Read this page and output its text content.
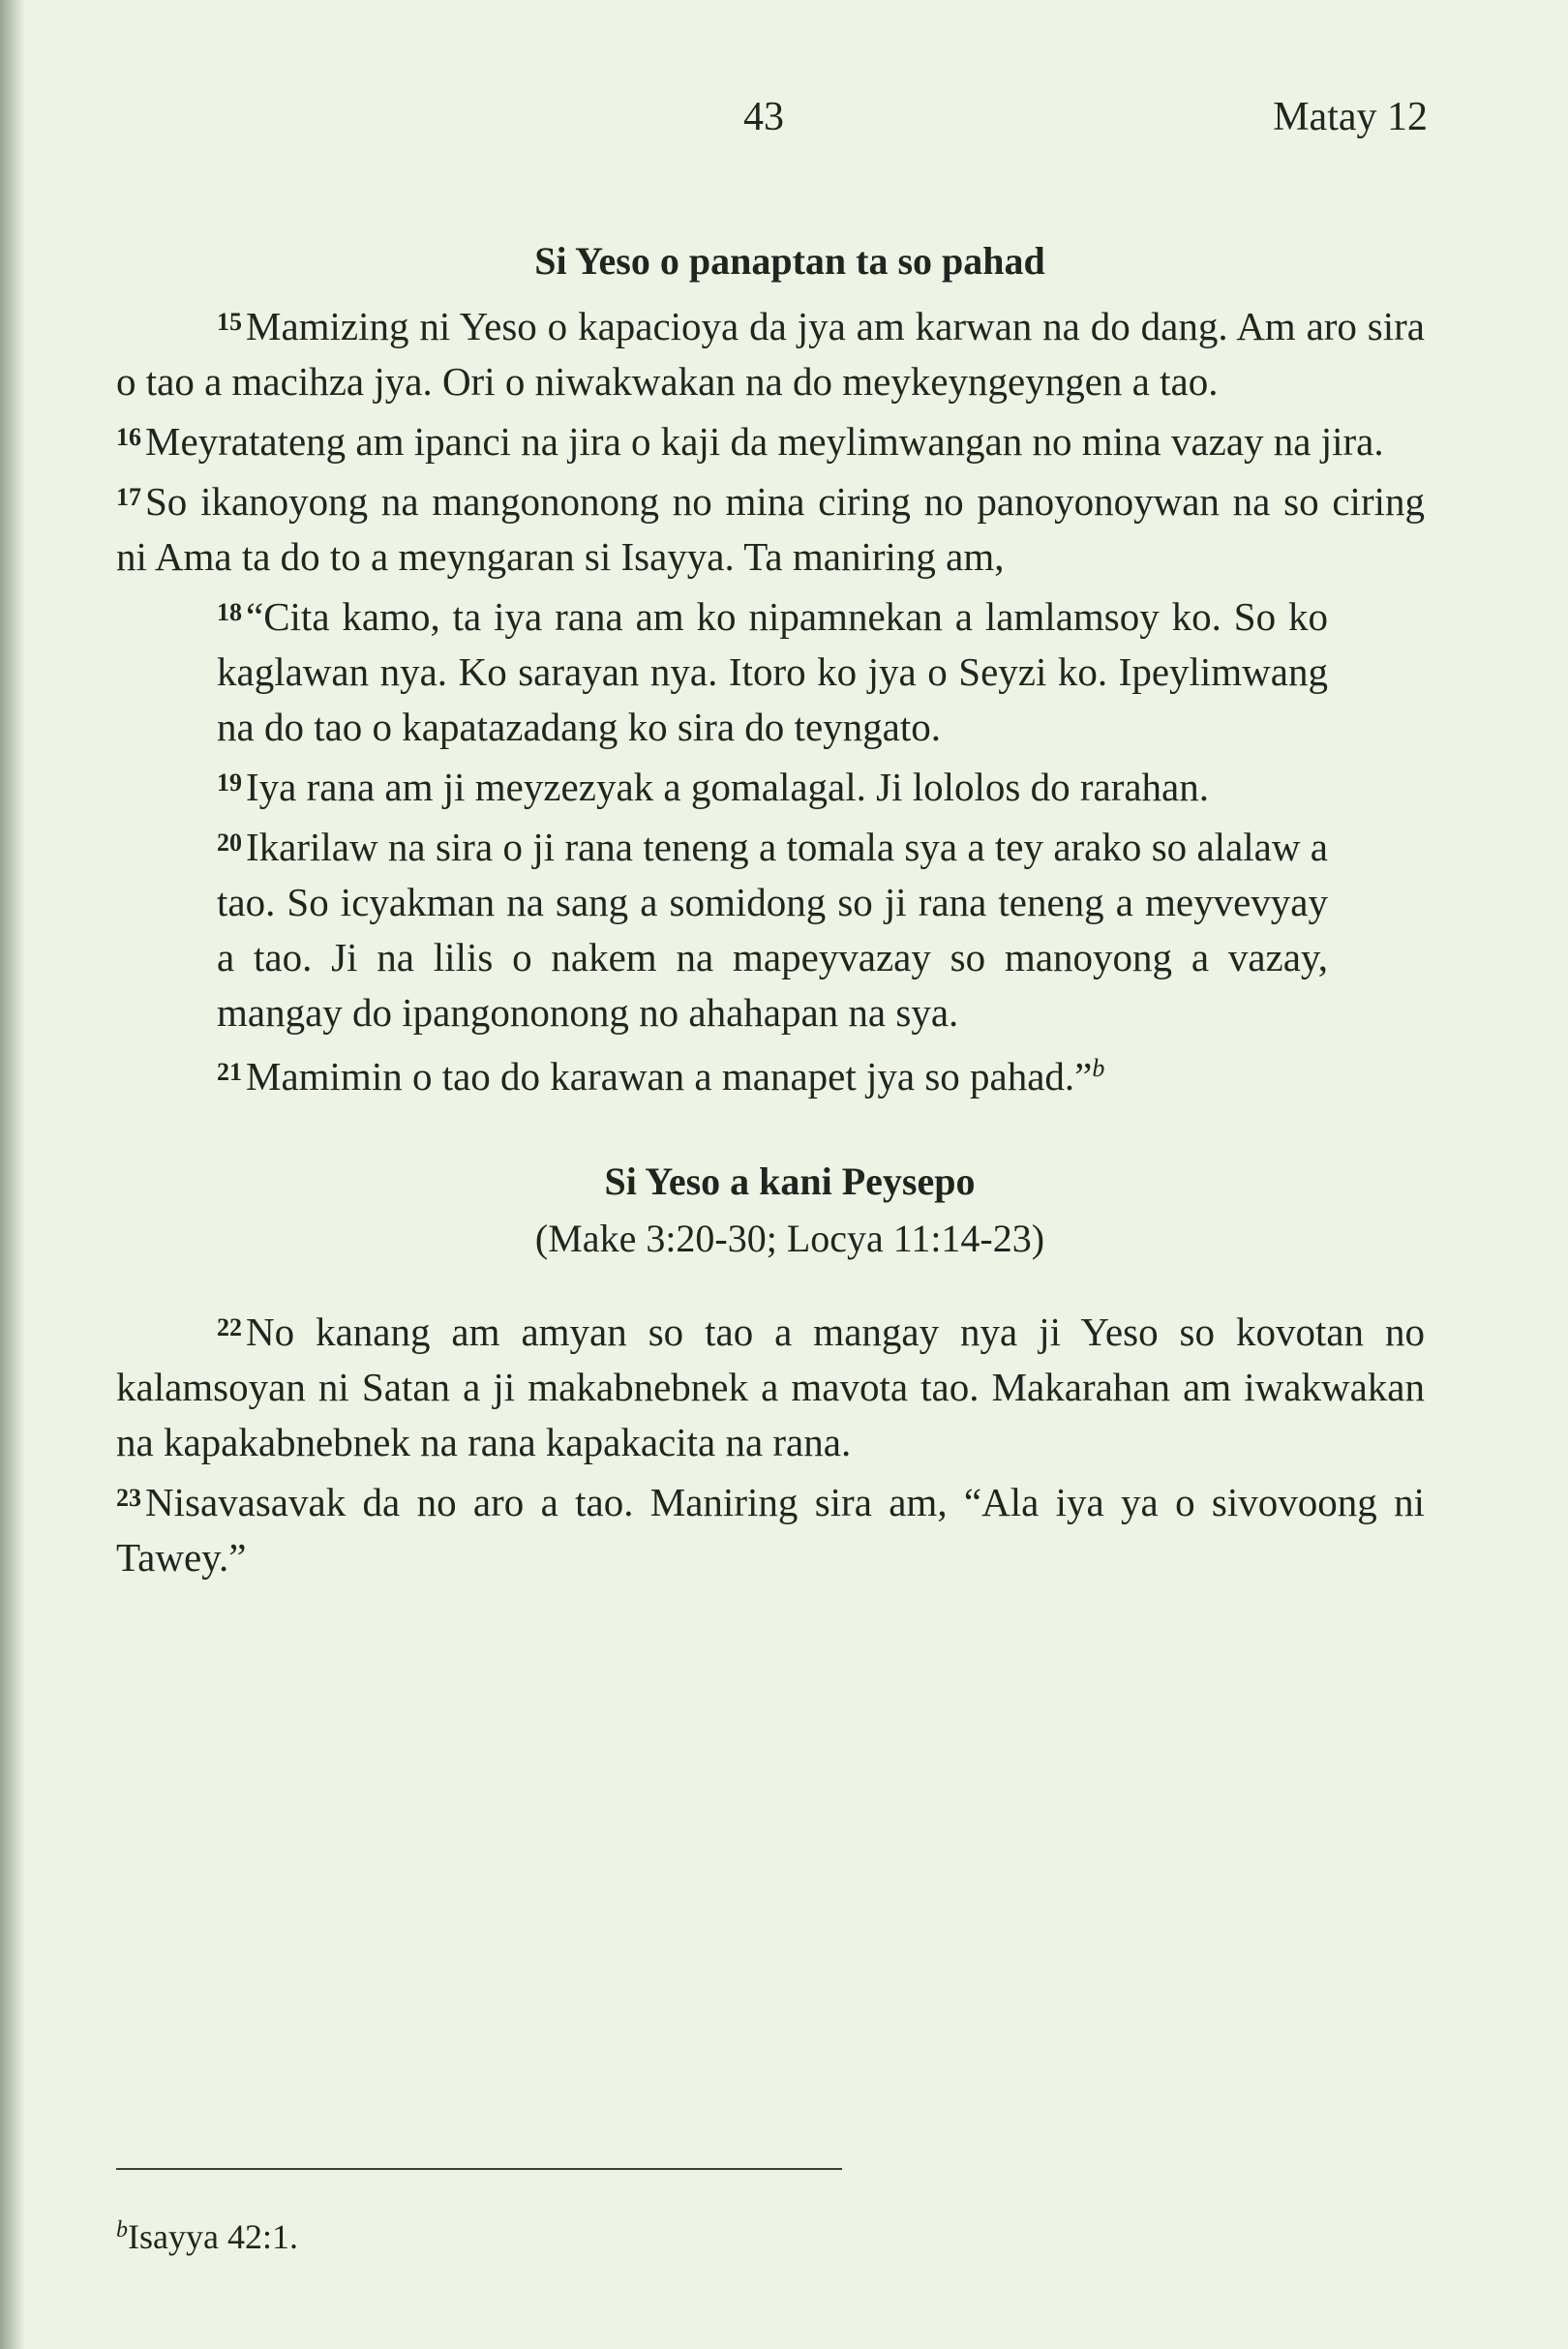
43	Matay 12
Si Yeso o panaptan ta so pahad

$^{15}$Mamizing ni Yeso o kapacioya da jya am karwan na do dang. Am aro sira o tao a macihza jya. Ori o niwakwakan na do meykeyngeyngen a tao.

$^{16}$Meyratateng am ipanci na jira o kaji da meylimwangan no mina vazay na jira.

$^{17}$So ikanoyong na mangononong no mina ciring no panoyonoywan na so ciring ni Ama ta do to a meyngaran si Isayya. Ta maniring am,

$^{18}$“Cita kamo, ta iya rana am ko nipamnekan a lamlamsoy ko. So ko kaglawan nya. Ko sarayan nya. Itoro ko jya o Seyzi ko. Ipeylimwang na do tao o kapatazadang ko sira do teyngato.

$^{19}$Iya rana am ji meyzezyak a gomalagal. Ji lololos do rarahan.

$^{20}$Ikarilaw na sira o ji rana teneng a tomala sya a tey arako so alalaw a tao. So icyakman na sang a somidong so ji rana teneng a meyvevyay a tao. Ji na lilis o nakem na mapeyvazay so manoyong a vazay, mangay do ipangononong no ahahapan na sya.

$^{21}$Mamimin o tao do karawan a manapet jya so pahad.”$^b$

Si Yeso a kani Peysepo
(Make 3:20-30; Locya 11:14-23)

$^{22}$No kanang am amyan so tao a mangay nya ji Yeso so kovotan no kalamsoyan ni Satan a ji makabnebnek a mavota tao. Makarahan am iwakwakan na kapakabnebnek na rana kapakacita na rana.

$^{23}$Nisavasavak da no aro a tao. Maniring sira am, “Ala iya ya o sivovoong ni Tawey.”

$^b$Isayya 42:1.
